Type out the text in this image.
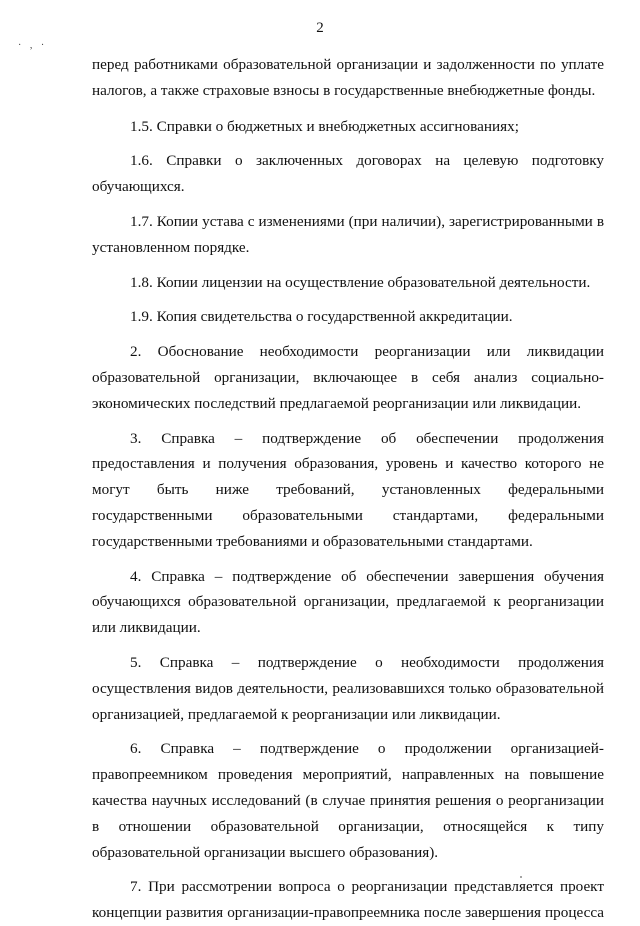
2
· , ·

перед работниками образовательной организации и задолженности по уплате налогов, а также страховые взносы в государственные внебюджетные фонды.

1.5. Справки о бюджетных и внебюджетных ассигнованиях;

1.6. Справки о заключенных договорах на целевую подготовку обучающихся.

1.7. Копии устава с изменениями (при наличии), зарегистрированными в установленном порядке.

1.8. Копии лицензии на осуществление образовательной деятельности.

1.9. Копия свидетельства о государственной аккредитации.

2. Обоснование необходимости реорганизации или ликвидации образовательной организации, включающее в себя анализ социально-экономических последствий предлагаемой реорганизации или ликвидации.

3. Справка – подтверждение об обеспечении продолжения предоставления и получения образования, уровень и качество которого не могут быть ниже требований, установленных федеральными государственными образовательными стандартами, федеральными государственными требованиями и образовательными стандартами.

4. Справка – подтверждение об обеспечении завершения обучения обучающихся образовательной организации, предлагаемой к реорганизации или ликвидации.

5. Справка – подтверждение о необходимости продолжения осуществления видов деятельности, реализовавшихся только образовательной организацией, предлагаемой к реорганизации или ликвидации.

6. Справка – подтверждение о продолжении организацией-правопреемником проведения мероприятий, направленных на повышение качества научных исследований (в случае принятия решения о реорганизации в отношении образовательной организации, относящейся к типу образовательной организации высшего образования).

7. При рассмотрении вопроса о реорганизации представляется проект концепции развития организации-правопреемника после завершения процесса
